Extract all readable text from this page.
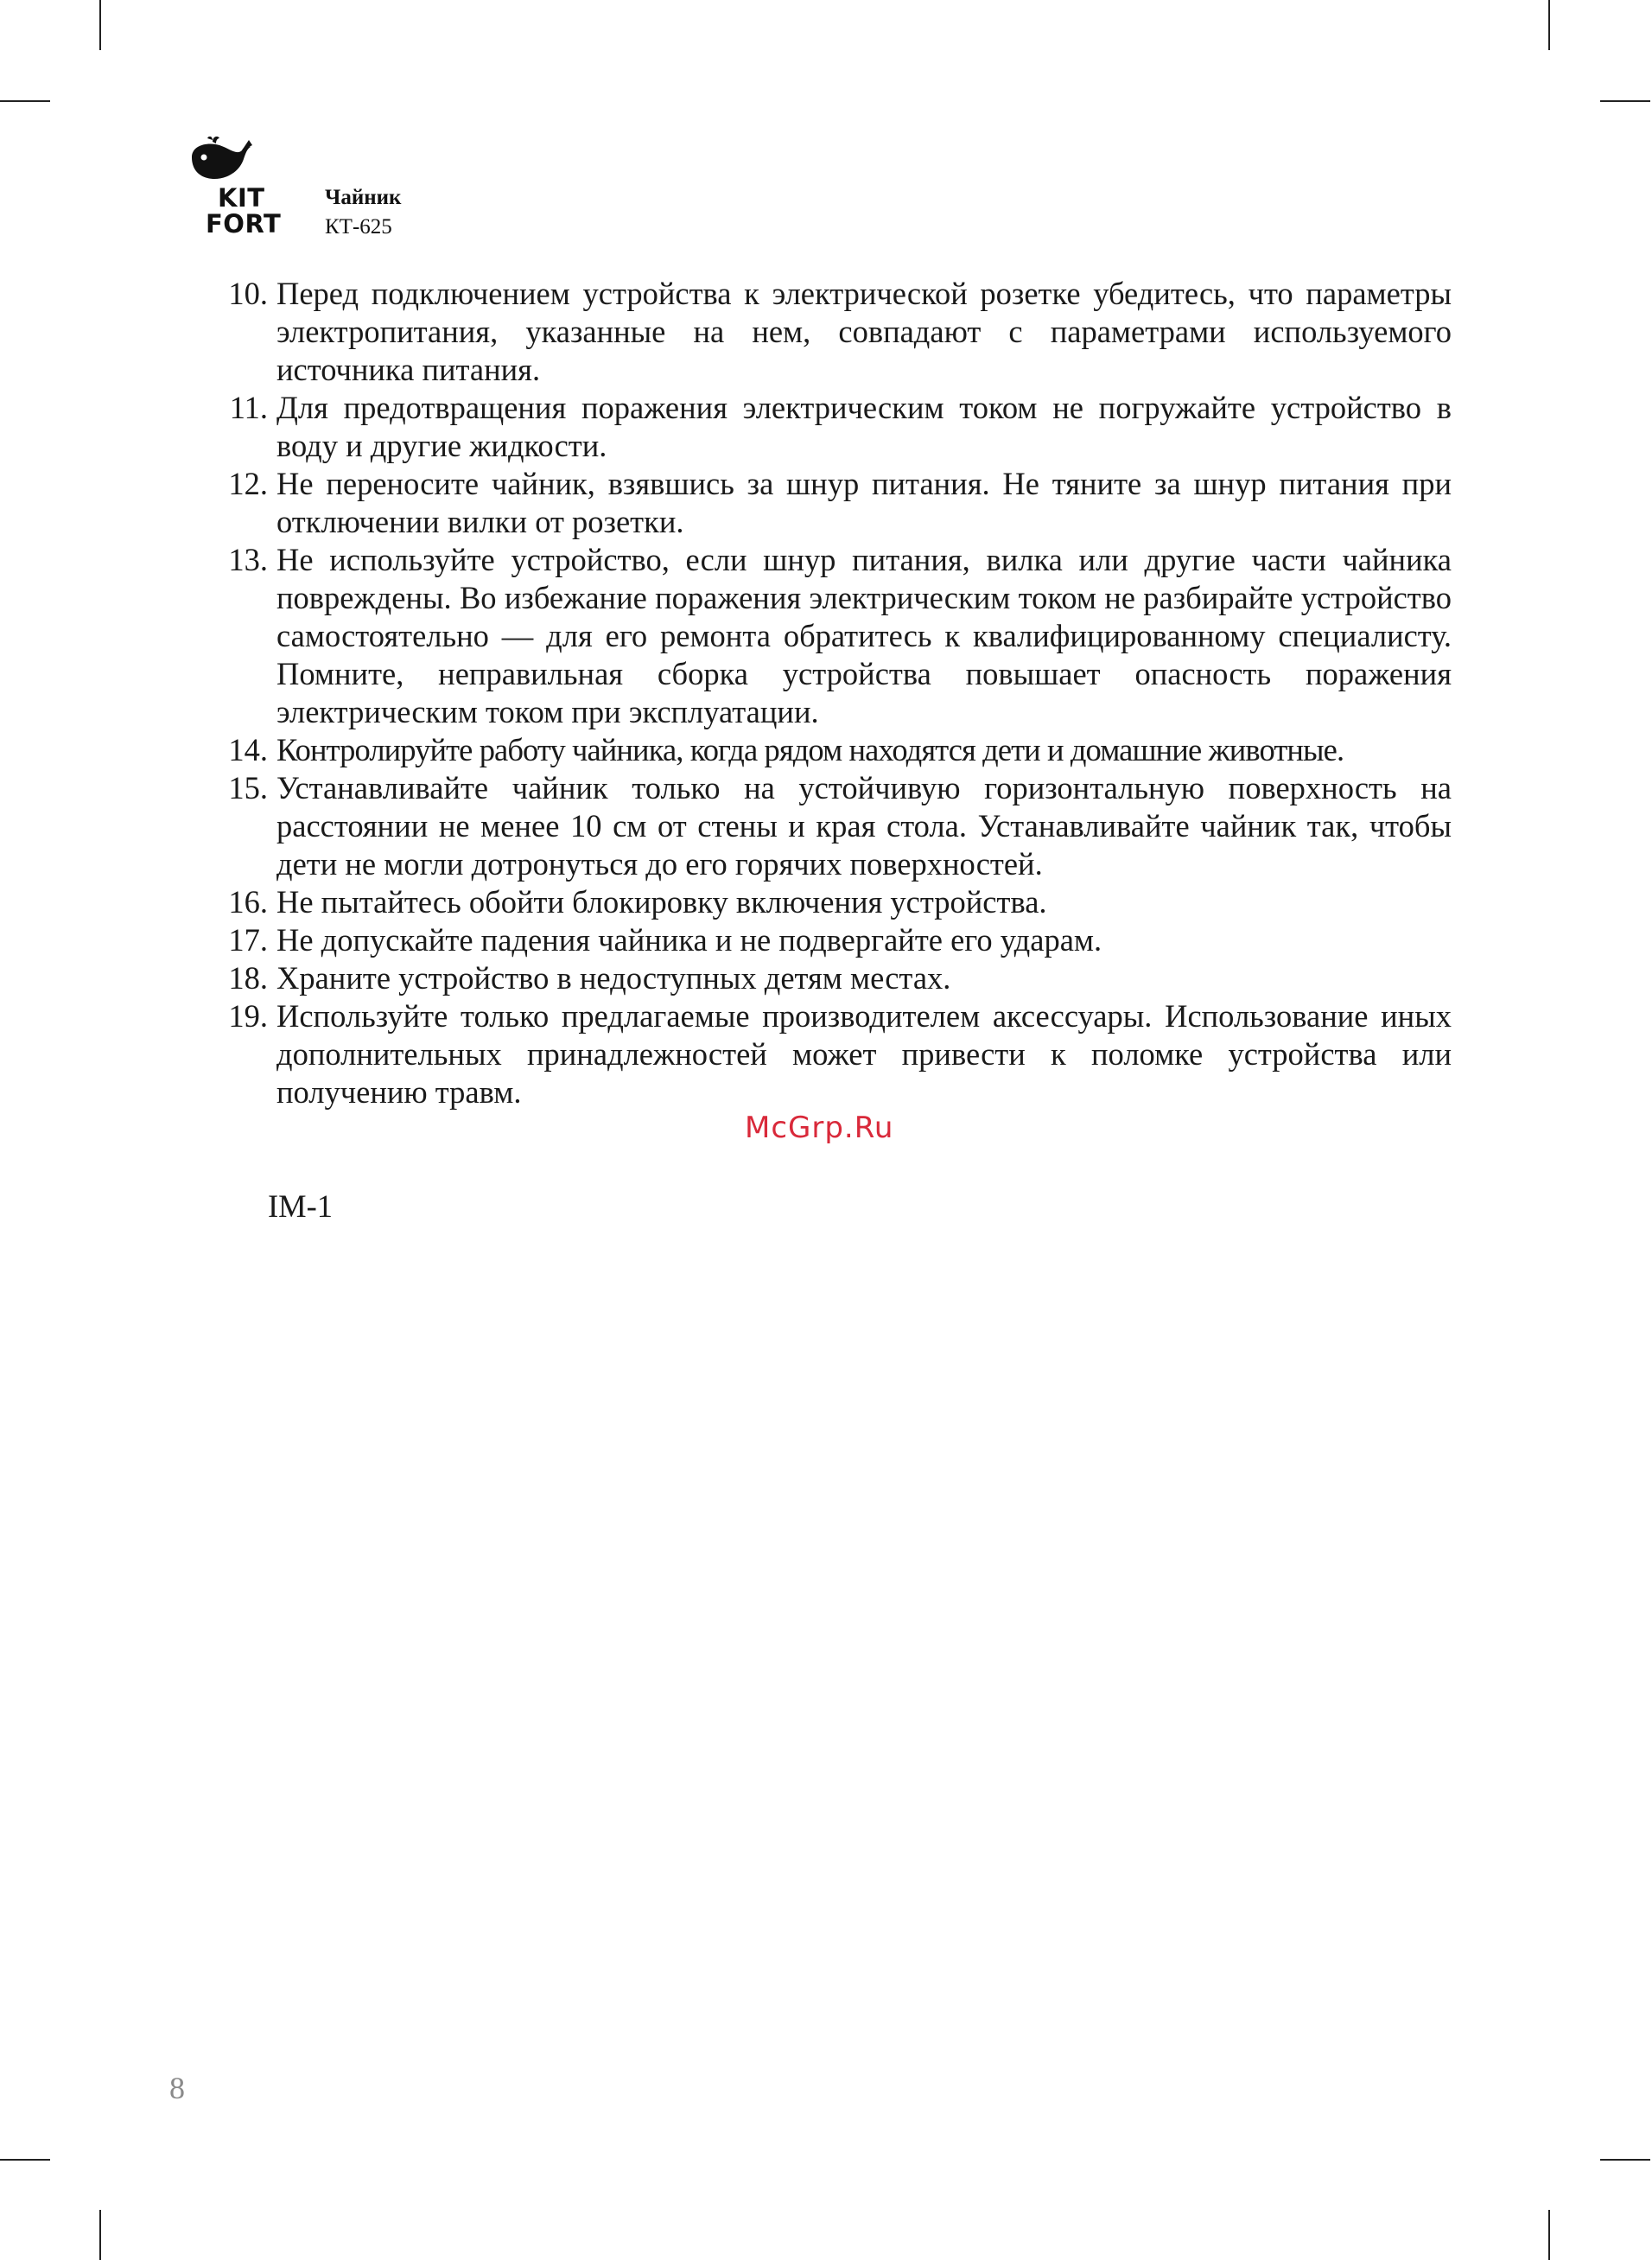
KIT
FORT
Чайник
КТ-625
10. Перед подключением устройства к электрической розетке убедитесь, что параметры электропитания, указанные на нем, совпадают с параметрами используемого источника питания.
11. Для предотвращения поражения электрическим током не погружайте устройство в воду и другие жидкости.
12. Не переносите чайник, взявшись за шнур питания. Не тяните за шнур питания при отключении вилки от розетки.
13. Не используйте устройство, если шнур питания, вилка или другие части чайника повреждены. Во избежание поражения электрическим током не разбирайте устройство самостоятельно — для его ремонта обратитесь к квалифицированному специалисту. Помните, неправильная сборка устройства повышает опасность поражения электрическим током при эксплуатации.
14. Контролируйте работу чайника, когда рядом находятся дети и домашние животные.
15. Устанавливайте чайник только на устойчивую горизонтальную поверхность на расстоянии не менее 10 см от стены и края стола. Устанавливайте чайник так, чтобы дети не могли дотронуться до его горячих поверхностей.
16. Не пытайтесь обойти блокировку включения устройства.
17. Не допускайте падения чайника и не подвергайте его ударам.
18. Храните устройство в недоступных детям местах.
19. Используйте только предлагаемые производителем аксессуары. Использование иных дополнительных принадлежностей может привести к поломке устройства или получению травм.
McGrp.Ru
IM-1
8
